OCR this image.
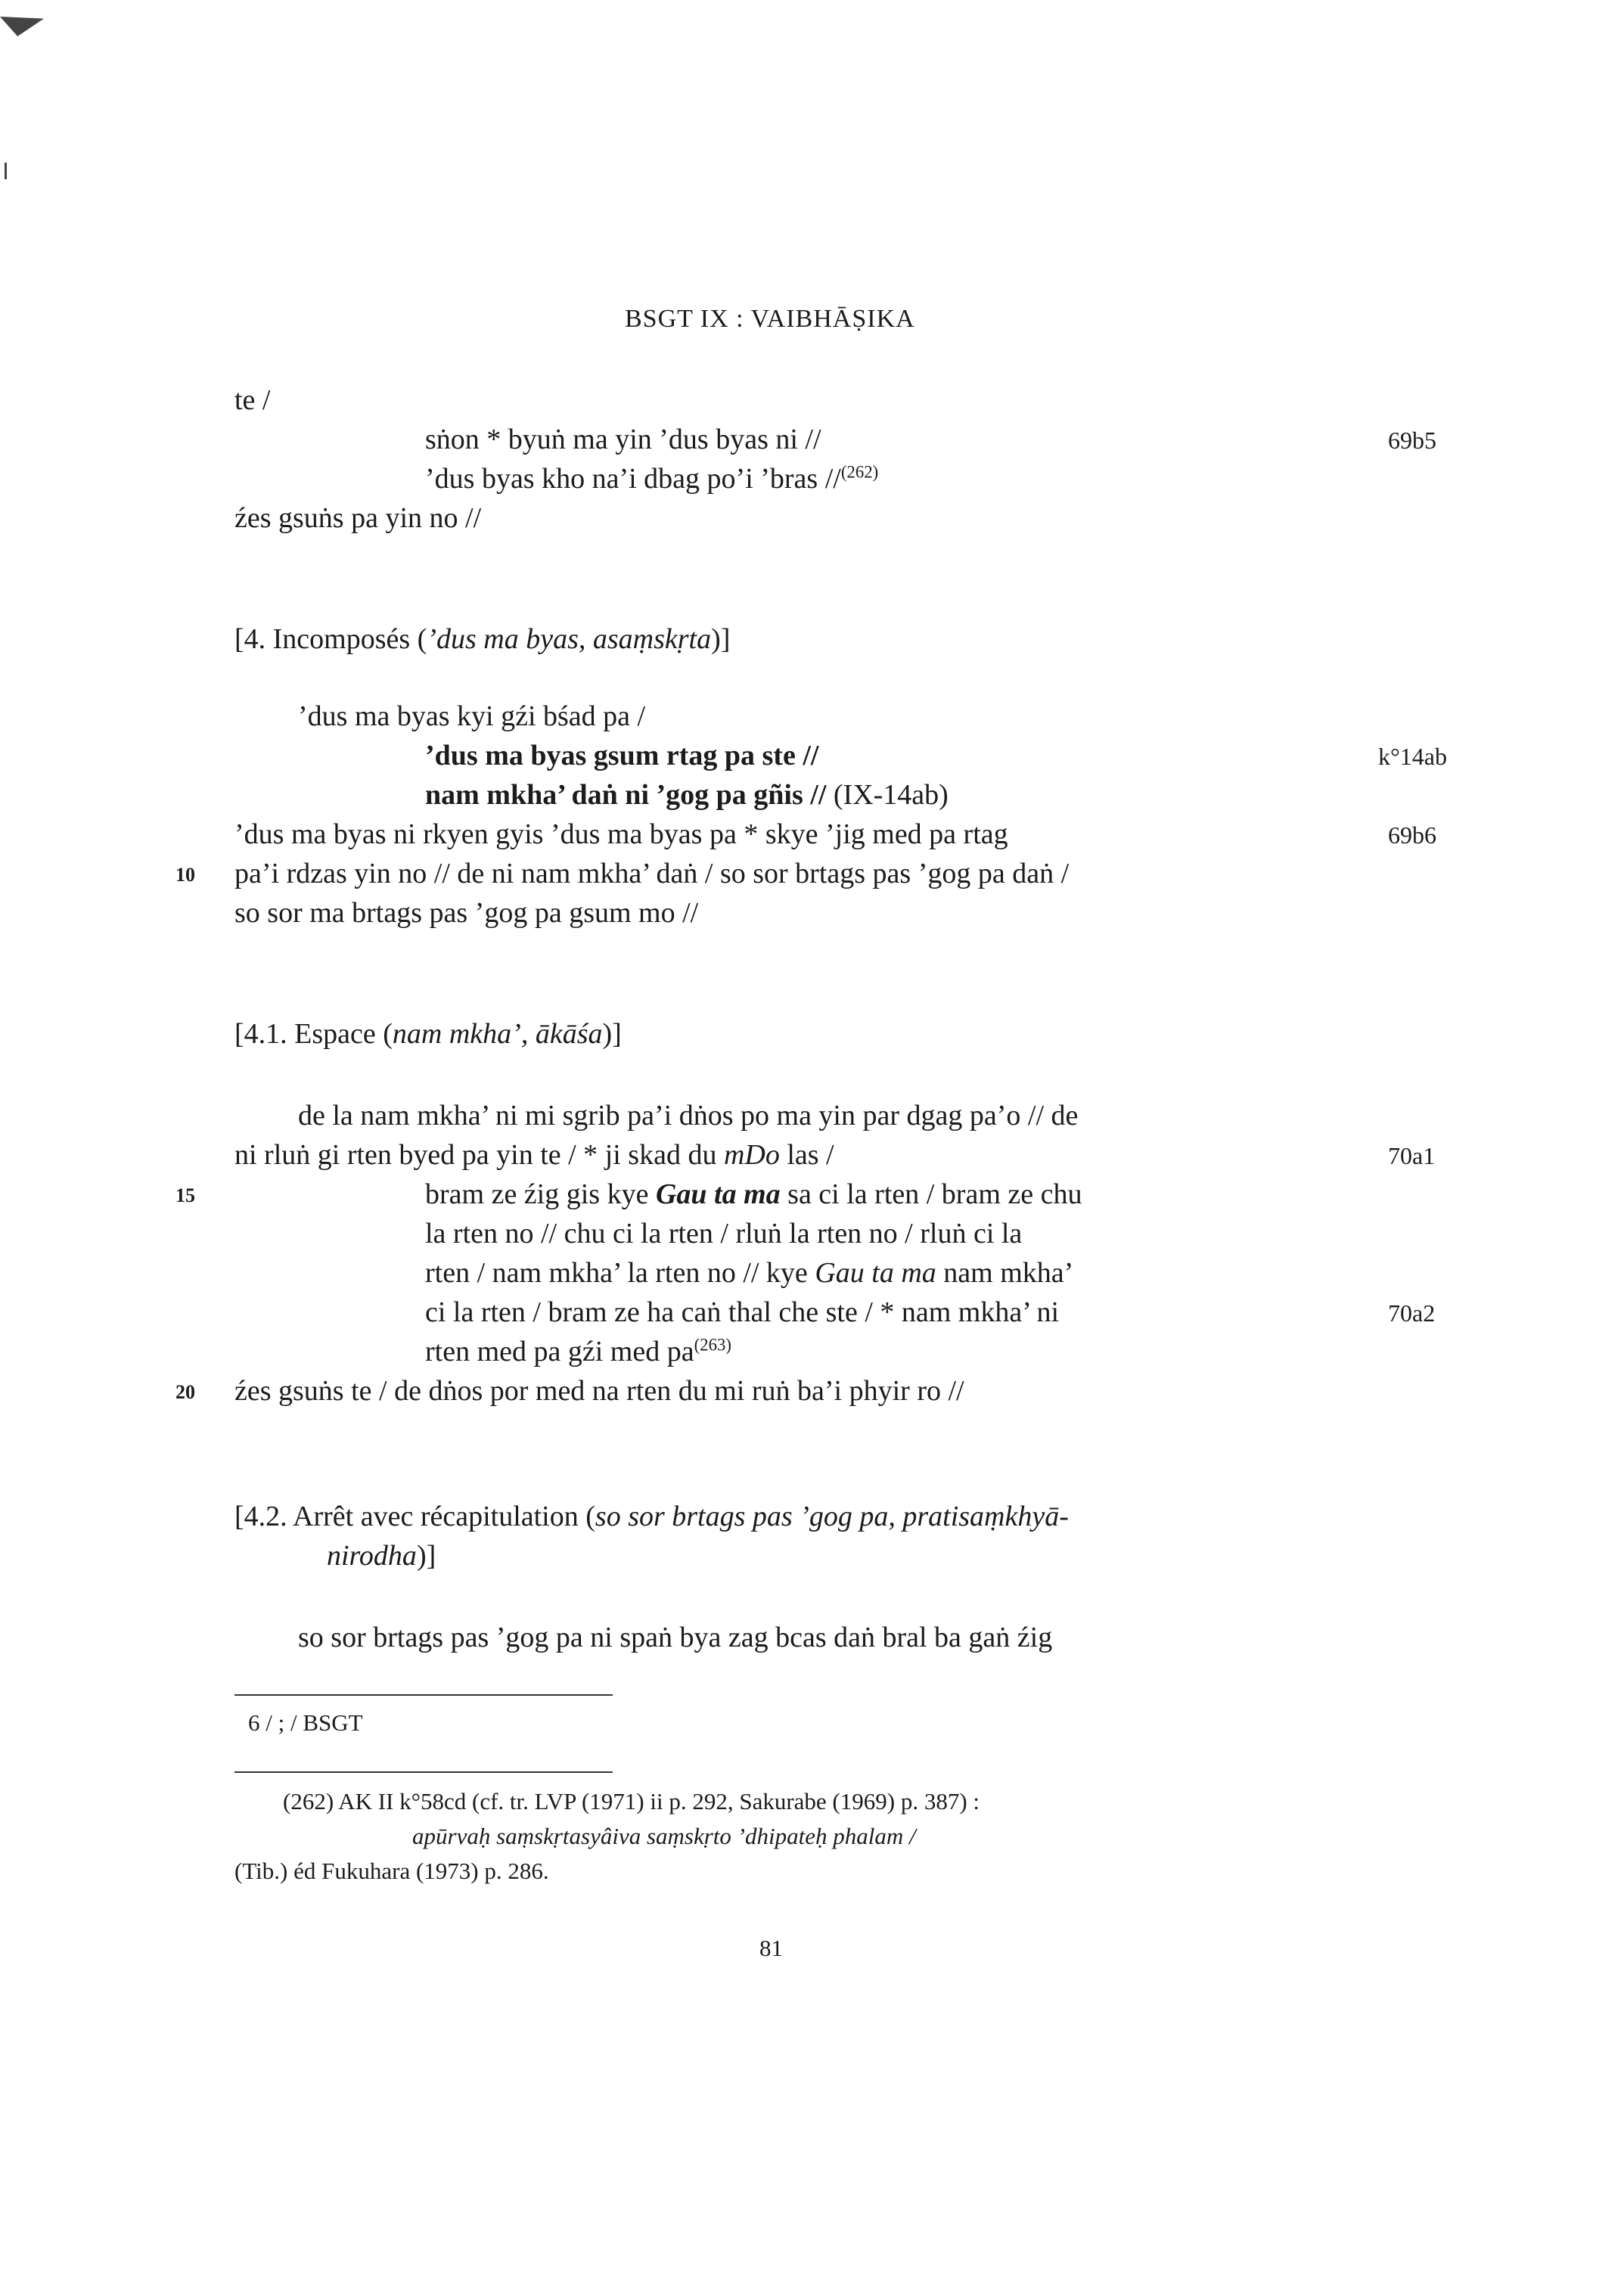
BSGT IX : VAIBHĀṢIKA
te /
sṅon * byuṅ ma yin ’dus byas ni //	69b5
’dus byas kho na’i dbag po’i ’bras //$^{(262)}$
źes gsuṅs pa yin no //
[4. Incomposés (’dus ma byas, asaṃskṛta)]
’dus ma byas kyi gźi bśad pa /
’dus ma byas gsum rtag pa ste //	k°14ab
nam mkha’ daṅ ni ’gog pa gñis // (IX-14ab)
’dus ma byas ni rkyen gyis ’dus ma byas pa * skye ’jig med pa rtag	69b6
10 pa’i rdzas yin no // de ni nam mkha’ daṅ / so sor brtags pas ’gog pa daṅ /
so sor ma brtags pas ’gog pa gsum mo //
[4.1. Espace (nam mkha’, ākāśa)]
de la nam mkha’ ni mi sgrib pa’i dṅos po ma yin par dgag pa’o // de
ni rluṅ gi rten byed pa yin te / * ji skad du mDo las /	70a1
15	bram ze źig gis kye Gau ta ma sa ci la rten / bram ze chu
la rten no // chu ci la rten / rluṅ la rten no / rluṅ ci la
rten / nam mkha’ la rten no // kye Gau ta ma nam mkha’
ci la rten / bram ze ha caṅ thal che ste / * nam mkha’ ni	70a2
rten med pa gźi med $pa^{(263)}$
20 źes gsuṅs te / de dṅos por med na rten du mi ruṅ ba’i phyir ro //
[4.2. Arrêt avec récapitulation (so sor brtags pas ’gog pa, pratisaṃkhyā-
nirodha)]
so sor brtags pas ’gog pa ni spaṅ bya zag bcas daṅ bral ba gaṅ źig
6 / ; / BSGT
(262) AK II k°58cd (cf. tr. LVP (1971) ii p. 292, Sakurabe (1969) p. 387) :
apūrvaḥ saṃskṛtasyâiva saṃskṛto ’dhipateḥ phalam /
(Tib.) éd Fukuhara (1973) p. 286.
81
